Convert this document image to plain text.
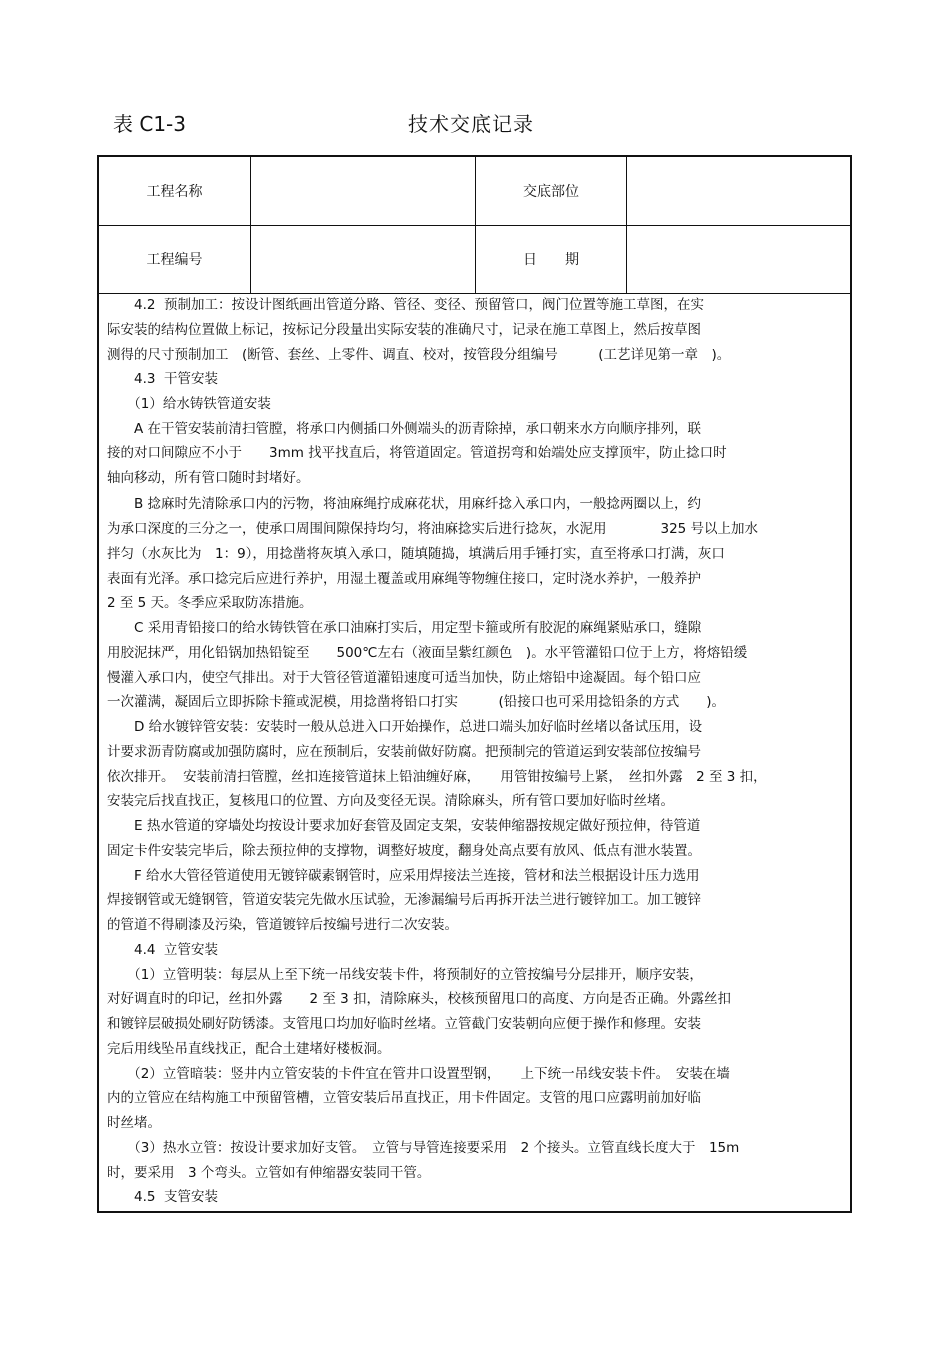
表 C1-3	技术交底记录
工程名称	交底部位
工程编号	日　　期
　　4.2  预制加工：按设计图纸画出管道分路、管径、变径、预留管口，阀门位置等施工草图，在实
际安装的结构位置做上标记，按标记分段量出实际安装的准确尺寸，记录在施工草图上，然后按草图
测得的尺寸预制加工　(断管、套丝、上零件、调直、校对，按管段分组编号　　　(工艺详见第一章　)。
　　4.3  干管安装
　　（1）给水铸铁管道安装
　　A 在干管安装前清扫管膛，将承口内侧插口外侧端头的沥青除掉，承口朝来水方向顺序排列，联
接的对口间隙应不小于　　3mm 找平找直后，将管道固定。管道拐弯和始端处应支撑顶牢，防止捻口时
轴向移动，所有管口随时封堵好。
　　B 捻麻时先清除承口内的污物，将油麻绳拧成麻花状，用麻纤捻入承口内，一般捻两圈以上，约
为承口深度的三分之一，使承口周围间隙保持均匀，将油麻捻实后进行捻灰，水泥用　　　　325 号以上加水
拌匀（水灰比为　1：9），用捻凿将灰填入承口，随填随捣，填满后用手锤打实，直至将承口打满，灰口
表面有光泽。承口捻完后应进行养护，用湿土覆盖或用麻绳等物缠住接口，定时浇水养护，一般养护
2 至 5 天。冬季应采取防冻措施。
　　C 采用青铅接口的给水铸铁管在承口油麻打实后，用定型卡箍或所有胶泥的麻绳紧贴承口，缝隙
用胶泥抹严，用化铅锅加热铅锭至　　500℃左右（液面呈紫红颜色　)。水平管灌铅口位于上方，将熔铅缓
慢灌入承口内，使空气排出。对于大管径管道灌铅速度可适当加快，防止熔铅中途凝固。每个铅口应
一次灌满，凝固后立即拆除卡箍或泥模，用捻凿将铅口打实　　　(铅接口也可采用捻铅条的方式　　)。
　　D 给水镀锌管安装：安装时一般从总进入口开始操作，总进口端头加好临时丝堵以备试压用，设
计要求沥青防腐或加强防腐时，应在预制后，安装前做好防腐。把预制完的管道运到安装部位按编号
依次排开。  安装前清扫管膛，丝扣连接管道抹上铅油缠好麻，　　用管钳按编号上紧，　丝扣外露　2 至 3 扣，
安装完后找直找正，复核甩口的位置、方向及变径无误。清除麻头，所有管口要加好临时丝堵。
　　E 热水管道的穿墙处均按设计要求加好套管及固定支架，安装伸缩器按规定做好预拉伸，待管道
固定卡件安装完毕后，除去预拉伸的支撑物，调整好坡度，翻身处高点要有放风、低点有泄水装置。
　　F 给水大管径管道使用无镀锌碳素钢管时，应采用焊接法兰连接，管材和法兰根据设计压力选用
焊接钢管或无缝钢管，管道安装完先做水压试验，无渗漏编号后再拆开法兰进行镀锌加工。加工镀锌
的管道不得刷漆及污染，管道镀锌后按编号进行二次安装。
　　4.4  立管安装
　　（1）立管明装：每层从上至下统一吊线安装卡件，将预制好的立管按编号分层排开，顺序安装，
对好调直时的印记，丝扣外露　　2 至 3 扣，清除麻头，校核预留甩口的高度、方向是否正确。外露丝扣
和镀锌层破损处刷好防锈漆。支管甩口均加好临时丝堵。立管截门安装朝向应便于操作和修理。安装
完后用线坠吊直线找正，配合土建堵好楼板洞。
　　（2）立管暗装：竖井内立管安装的卡件宜在管井口设置型钢，　　上下统一吊线安装卡件。　安装在墙
内的立管应在结构施工中预留管槽，立管安装后吊直找正，用卡件固定。支管的甩口应露明前加好临
时丝堵。
　　（3）热水立管：按设计要求加好支管。　立管与导管连接要采用　2 个接头。立管直线长度大于　15m
时，要采用　3 个弯头。立管如有伸缩器安装同干管。
　　4.5  支管安装
